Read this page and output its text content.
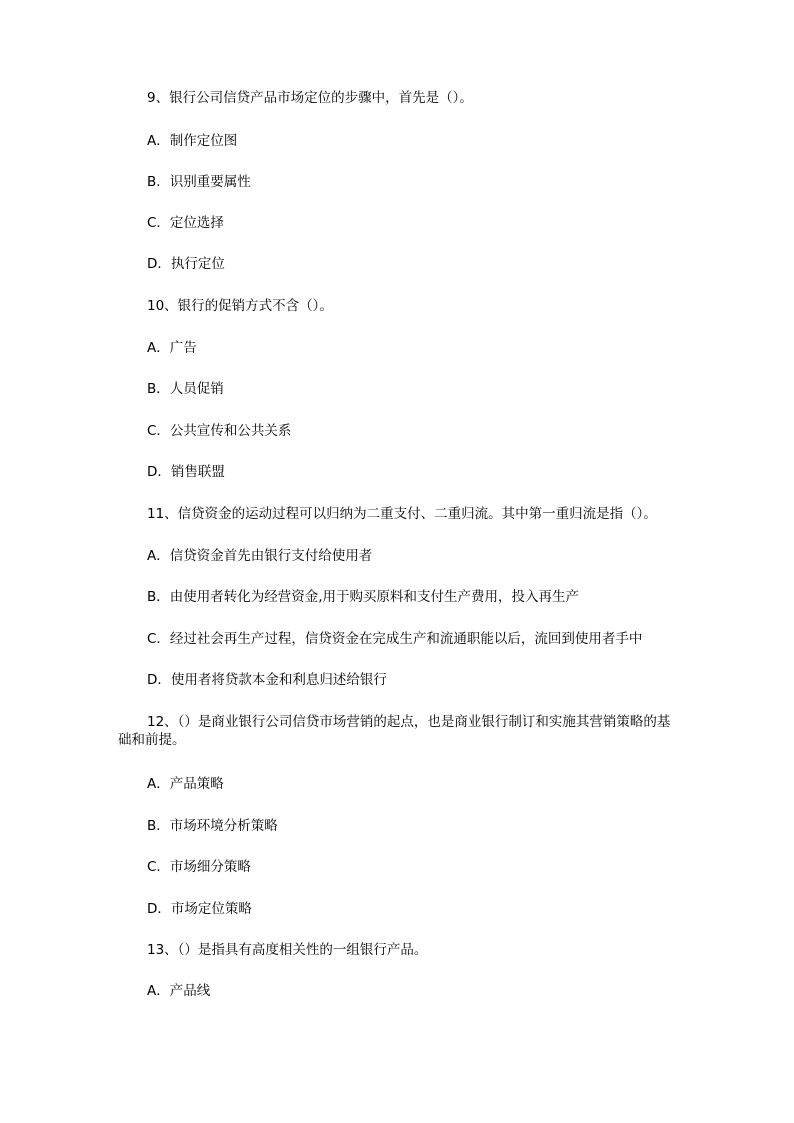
9、银行公司信贷产品市场定位的步骤中，首先是（）。

A．制作定位图

B．识别重要属性

C．定位选择

D．执行定位

10、银行的促销方式不含（）。

A．广告

B．人员促销

C．公共宣传和公共关系

D．销售联盟

11、信贷资金的运动过程可以归纳为二重支付、二重归流。其中第一重归流是指（）。

A．信贷资金首先由银行支付给使用者

B．由使用者转化为经营资金,用于购买原料和支付生产费用，投入再生产

C．经过社会再生产过程，信贷资金在完成生产和流通职能以后，流回到使用者手中

D．使用者将贷款本金和利息归述给银行

12、（）是商业银行公司信贷市场营销的起点，也是商业银行制订和实施其营销策略的基础和前提。

A．产品策略

B．市场环境分析策略

C．市场细分策略

D．市场定位策略

13、（）是指具有高度相关性的一组银行产品。

A．产品线
